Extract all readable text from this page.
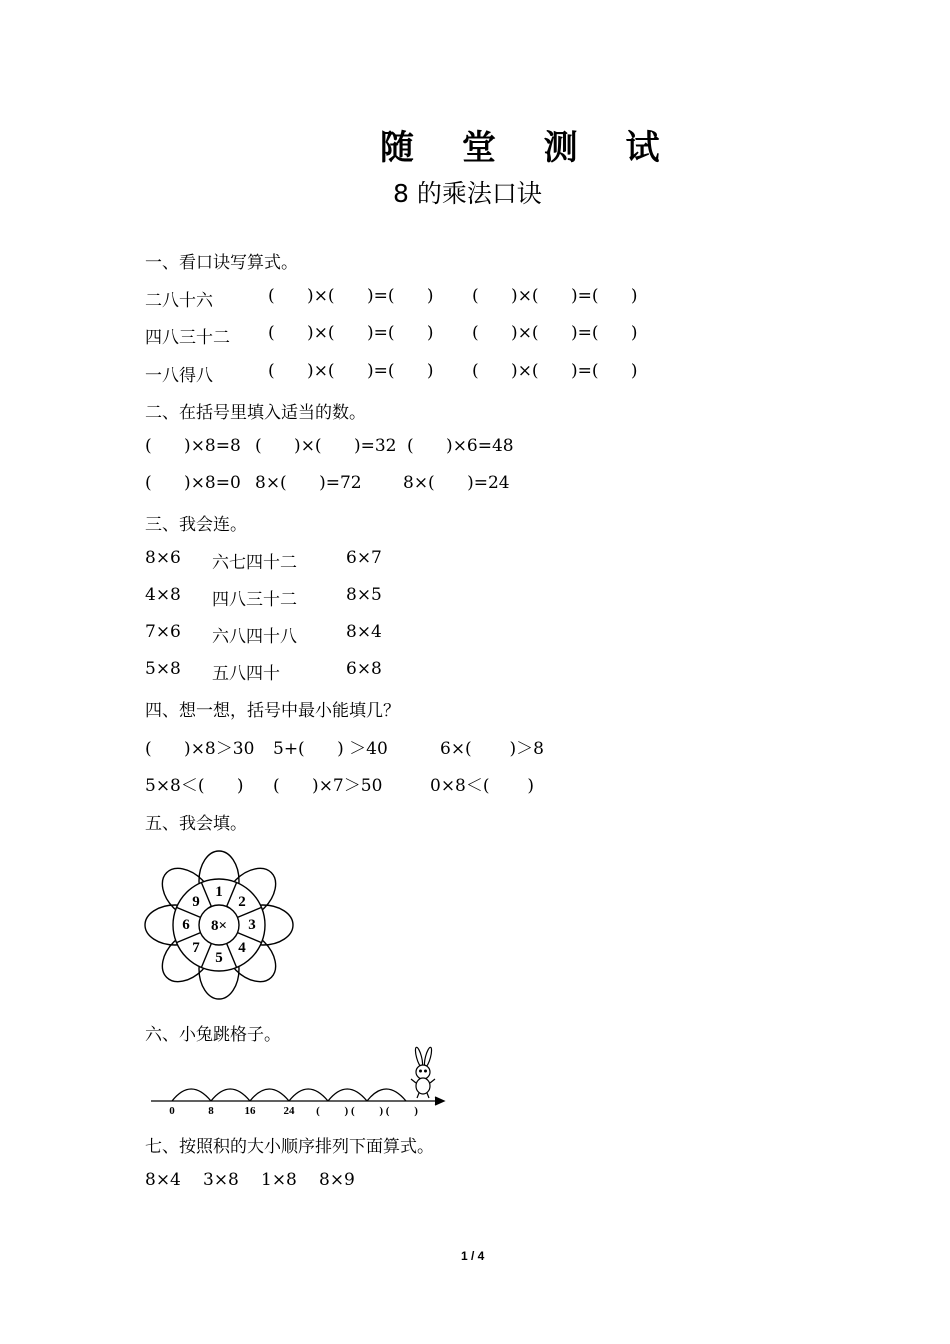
随 堂 测 试
8 的乘法口诀
一、看口诀写算式。
二八十六	(      )×(      )=(      ) (      )×(      )=(      )
四八三十二 (      )×(      )=(      ) (      )×(      )=(      )
一八得八	(      )×(      )=(      ) (      )×(      )=(      )
二、在括号里填入适当的数。
(      )×8=8 (      )×(      )=32 (      )×6=48
(      )×8=0 8×(      )=72 8×(      )=24
三、我会连。
8×6 六七四十二	6×7
4×8 四八三十二	8×5
7×6 六八四十八	8×4
5×8 五八四十	6×8
四、想一想，括号中最小能填几？
(      )×8＞30 5+(      ) ＞40	6×(       )＞8
5×8＜(      ) (      )×7＞50	0×8＜(       )
五、我会填。
8×
1
2
3
4
5
7
6
9
六、小兔跳格子。
0	8	16	24 (         ) (         ) (         )
七、按照积的大小顺序排列下面算式。
8×4 3×8 1×8 8×9
1 / 4
